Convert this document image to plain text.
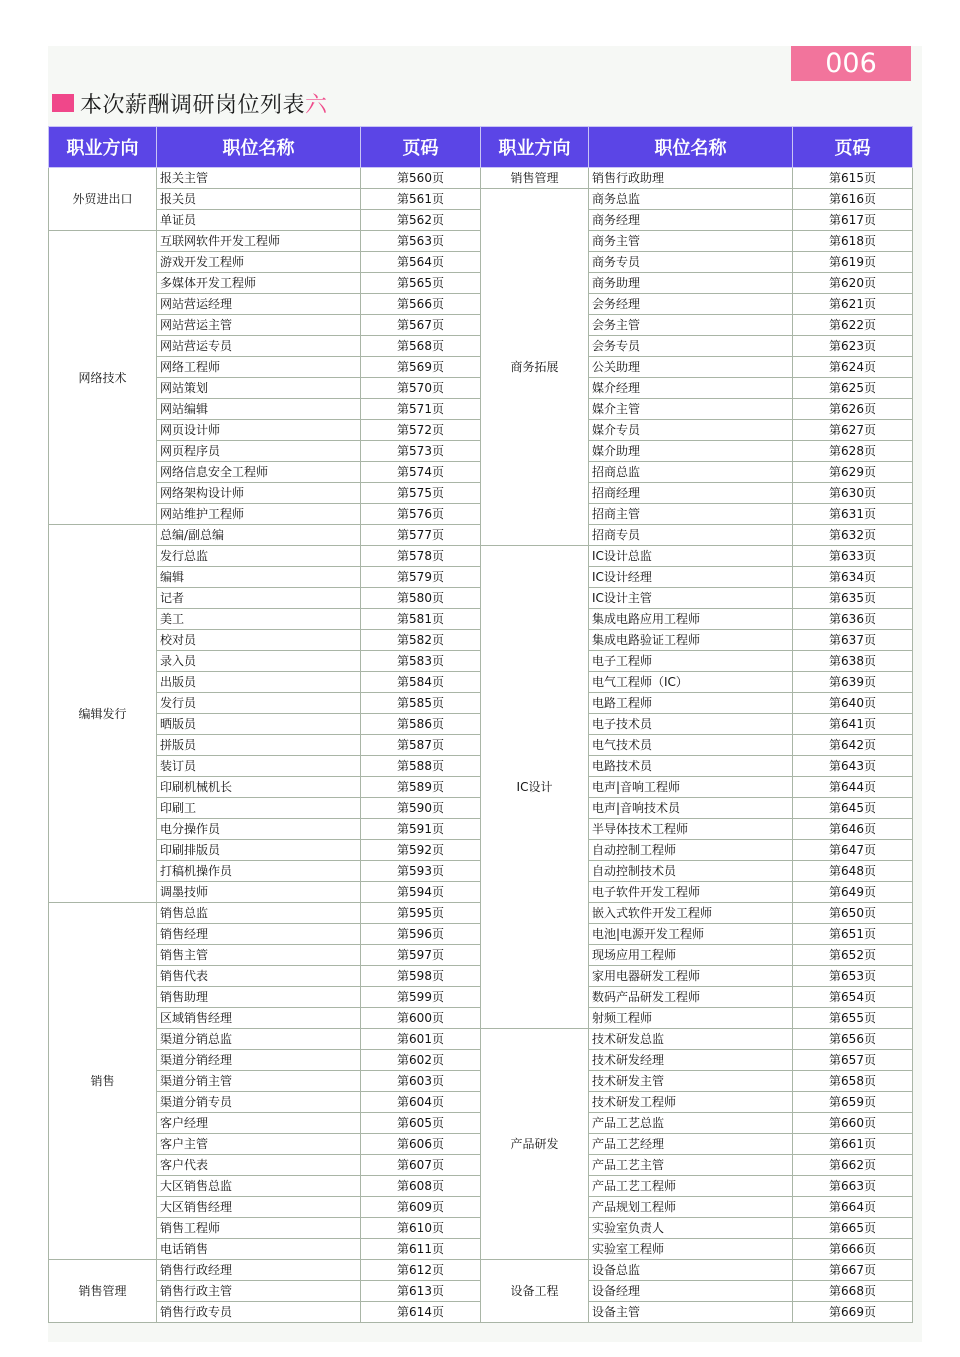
006
本次薪酬调研岗位列表六
职业方向	职位名称	页码	职业方向	职位名称	页码
外贸进出口	报关主管	第560页	销售管理	销售行政助理	第615页
	报关员	第561页	商务拓展	商务总监	第616页
	单证员	第562页		商务经理	第617页
网络技术	互联网软件开发工程师	第563页		商务主管	第618页
	游戏开发工程师	第564页		商务专员	第619页
	多媒体开发工程师	第565页		商务助理	第620页
	网站营运经理	第566页		会务经理	第621页
	网站营运主管	第567页		会务主管	第622页
	网站营运专员	第568页		会务专员	第623页
	网络工程师	第569页		公关助理	第624页
	网站策划	第570页		媒介经理	第625页
	网站编辑	第571页		媒介主管	第626页
	网页设计师	第572页		媒介专员	第627页
	网页程序员	第573页		媒介助理	第628页
	网络信息安全工程师	第574页		招商总监	第629页
	网络架构设计师	第575页		招商经理	第630页
	网站维护工程师	第576页		招商主管	第631页
编辑发行	总编/副总编	第577页		招商专员	第632页
	发行总监	第578页	IC设计	IC设计总监	第633页
	编辑	第579页		IC设计经理	第634页
	记者	第580页		IC设计主管	第635页
	美工	第581页		集成电路应用工程师	第636页
	校对员	第582页		集成电路验证工程师	第637页
	录入员	第583页		电子工程师	第638页
	出版员	第584页		电气工程师（IC）	第639页
	发行员	第585页		电路工程师	第640页
	晒版员	第586页		电子技术员	第641页
	拼版员	第587页		电气技术员	第642页
	装订员	第588页		电路技术员	第643页
	印刷机械机长	第589页		电声|音响工程师	第644页
	印刷工	第590页		电声|音响技术员	第645页
	电分操作员	第591页		半导体技术工程师	第646页
	印刷排版员	第592页		自动控制工程师	第647页
	打稿机操作员	第593页		自动控制技术员	第648页
	调墨技师	第594页		电子软件开发工程师	第649页
销售	销售总监	第595页		嵌入式软件开发工程师	第650页
	销售经理	第596页		电池|电源开发工程师	第651页
	销售主管	第597页		现场应用工程师	第652页
	销售代表	第598页		家用电器研发工程师	第653页
	销售助理	第599页		数码产品研发工程师	第654页
	区域销售经理	第600页		射频工程师	第655页
	渠道分销总监	第601页	产品研发	技术研发总监	第656页
	渠道分销经理	第602页		技术研发经理	第657页
	渠道分销主管	第603页		技术研发主管	第658页
	渠道分销专员	第604页		技术研发工程师	第659页
	客户经理	第605页		产品工艺总监	第660页
	客户主管	第606页		产品工艺经理	第661页
	客户代表	第607页		产品工艺主管	第662页
	大区销售总监	第608页		产品工艺工程师	第663页
	大区销售经理	第609页		产品规划工程师	第664页
	销售工程师	第610页		实验室负责人	第665页
	电话销售	第611页		实验室工程师	第666页
销售管理	销售行政经理	第612页	设备工程	设备总监	第667页
	销售行政主管	第613页		设备经理	第668页
	销售行政专员	第614页		设备主管	第669页
